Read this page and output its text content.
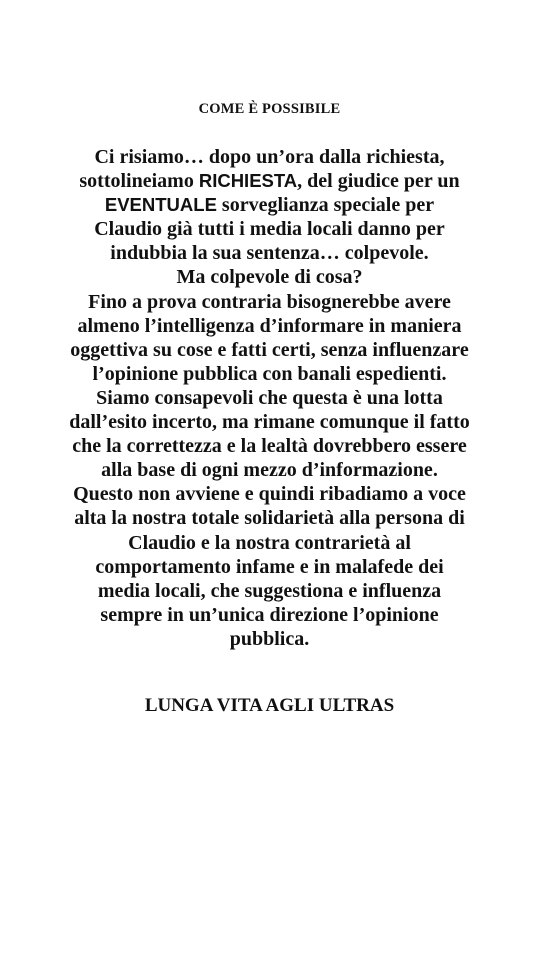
COME È POSSIBILE
Ci risiamo… dopo un’ora dalla richiesta,
sottolineiamo RICHIESTA, del giudice per un
EVENTUALE sorveglianza speciale per
Claudio già tutti i media locali danno per
indubbia la sua sentenza… colpevole.
Ma colpevole di cosa?
Fino a prova contraria bisognerebbe avere
almeno l’intelligenza d’informare in maniera
oggettiva su cose e fatti certi, senza influenzare
l’opinione pubblica con banali espedienti.
Siamo consapevoli che questa è una lotta
dall’esito incerto, ma rimane comunque il fatto
che la correttezza e la lealtà dovrebbero essere
alla base di ogni mezzo d’informazione.
Questo non avviene e quindi ribadiamo a voce
alta la nostra totale solidarietà alla persona di
Claudio e la nostra contrarietà al
comportamento infame e in malafede dei
media locali, che suggestiona e influenza
sempre in un’unica direzione l’opinione
pubblica.
LUNGA VITA AGLI ULTRAS
